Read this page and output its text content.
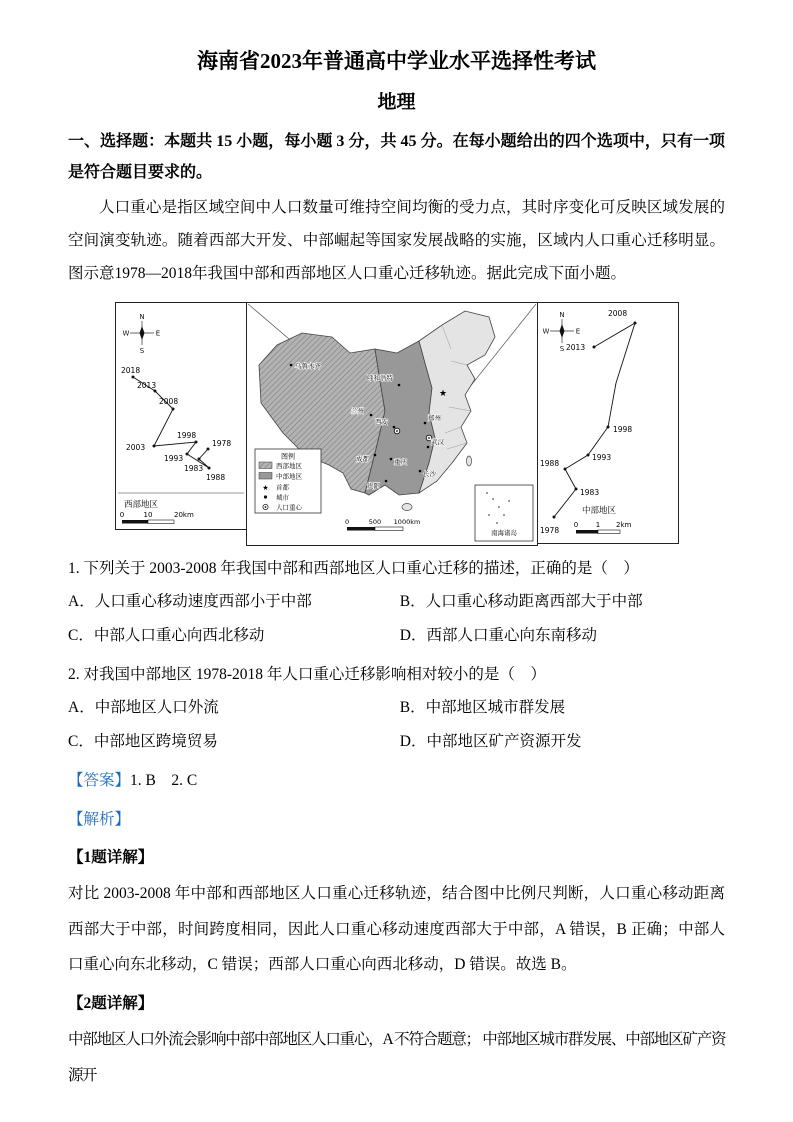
海南省2023年普通高中学业水平选择性考试
地理

一、选择题：本题共 15 小题，每小题 3 分，共 45 分。在每小题给出的四个选项中，只有一项是符合题目要求的。

人口重心是指区域空间中人口数量可维持空间均衡的受力点，其时序变化可反映区域发展的空间演变轨迹。随着西部大开发、中部崛起等国家发展战略的实施，区域内人口重心迁移明显。图示意1978—2018年我国中部和西部地区人口重心迁移轨迹。据此完成下面小题。

N
E
S
W
2018
2013
2008
2003
1998
1978
1993
1983
1988
西部地区
0	10	20km
★
乌鲁木齐
呼和浩特
兰州
西安	郑州
成都	重庆
武汉
长沙
贵阳
图例
西部地区
中部地区
★ 首都
城市
人口重心
0	500 1000km
南海诸岛
N
E
S
W
2008
2013
1998
1993
1988
1983
1978
中部地区
0	1 2km

1. 下列关于 2003-2008 年我国中部和西部地区人口重心迁移的描述，正确的是（　）

A．人口重心移动速度西部小于中部	B．人口重心移动距离西部大于中部
C．中部人口重心向西北移动	D．西部人口重心向东南移动

2. 对我国中部地区 1978-2018 年人口重心迁移影响相对较小的是（　）

A．中部地区人口外流	B．中部地区城市群发展
C．中部地区跨境贸易	D．中部地区矿产资源开发

【答案】1. B    2. C

【解析】

【1题详解】

对比 2003-2008 年中部和西部地区人口重心迁移轨迹，结合图中比例尺判断，人口重心移动距离西部大于中部，时间跨度相同，因此人口重心移动速度西部大于中部，A 错误，B 正确；中部人口重心向东北移动，C 错误；西部人口重心向西北移动，D 错误。故选 B。

【2题详解】

中部地区人口外流会影响中部中部地区人口重心，A 不符合题意； 中部地区城市群发展、中部地区矿产资源开
